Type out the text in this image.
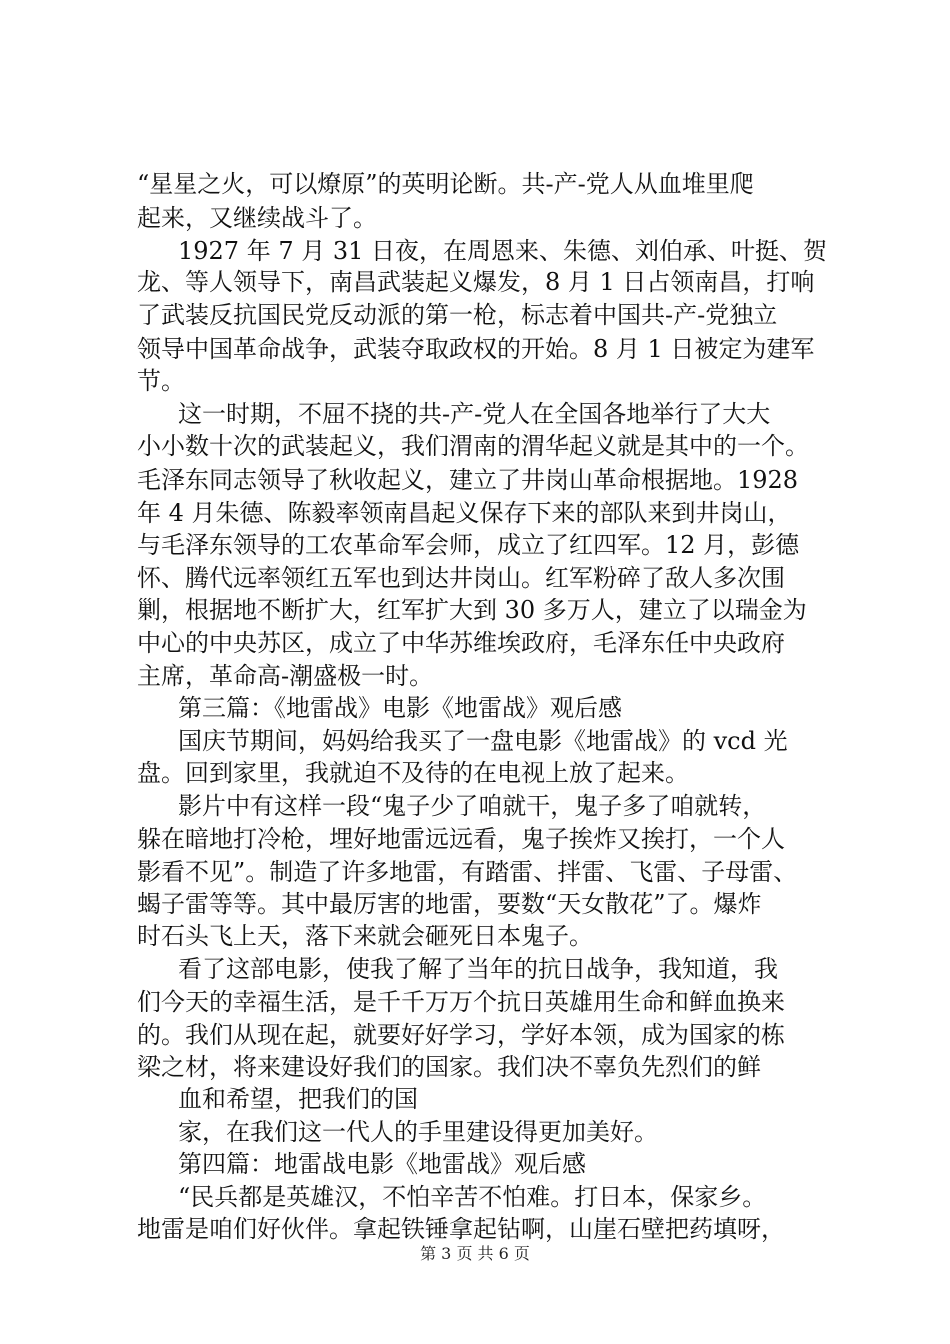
“星星之火，可以燎原”的英明论断。共-产-党人从血堆里爬
起来，又继续战斗了。
1927 年 7 月 31 日夜，在周恩来、朱德、刘伯承、叶挺、贺
龙、等人领导下，南昌武装起义爆发，8 月 1 日占领南昌，打响
了武装反抗国民党反动派的第一枪，标志着中国共-产-党独立
领导中国革命战争，武装夺取政权的开始。8 月 1 日被定为建军
节。
这一时期，不屈不挠的共-产-党人在全国各地举行了大大
小小数十次的武装起义，我们渭南的渭华起义就是其中的一个。
毛泽东同志领导了秋收起义，建立了井岗山革命根据地。1928
年 4 月朱德、陈毅率领南昌起义保存下来的部队来到井岗山，
与毛泽东领导的工农革命军会师，成立了红四军。12 月，彭德
怀、腾代远率领红五军也到达井岗山。红军粉碎了敌人多次围
剿，根据地不断扩大，红军扩大到 30 多万人，建立了以瑞金为
中心的中央苏区，成立了中华苏维埃政府，毛泽东任中央政府
主席，革命高-潮盛极一时。
第三篇：《地雷战》电影《地雷战》观后感
国庆节期间，妈妈给我买了一盘电影《地雷战》的 vcd 光
盘。回到家里，我就迫不及待的在电视上放了起来。
影片中有这样一段“鬼子少了咱就干，鬼子多了咱就转，
躲在暗地打冷枪，埋好地雷远远看，鬼子挨炸又挨打，一个人
影看不见”。制造了许多地雷，有踏雷、拌雷、飞雷、子母雷、
蝎子雷等等。其中最厉害的地雷，要数“天女散花”了。爆炸
时石头飞上天，落下来就会砸死日本鬼子。
看了这部电影，使我了解了当年的抗日战争，我知道，我
们今天的幸福生活，是千千万万个抗日英雄用生命和鲜血换来
的。我们从现在起，就要好好学习，学好本领，成为国家的栋
梁之材，将来建设好我们的国家。我们决不辜负先烈们的鲜
血和希望，把我们的国
家，在我们这一代人的手里建设得更加美好。
第四篇：地雷战电影《地雷战》观后感
“民兵都是英雄汉，不怕辛苦不怕难。打日本，保家乡。
地雷是咱们好伙伴。拿起铁锤拿起钻啊，山崖石壁把药填呀，
第 3 页 共 6 页
